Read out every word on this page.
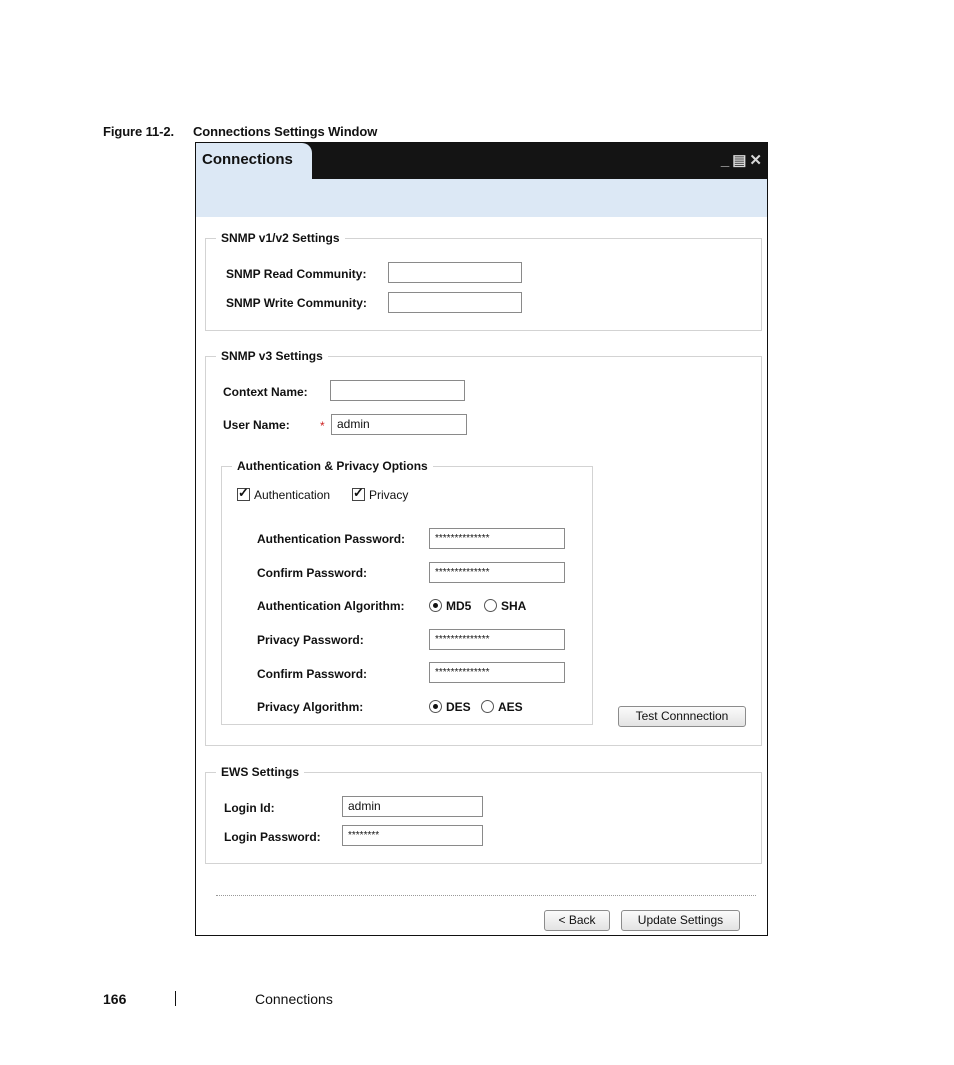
Figure 11-2. Connections Settings Window
Connections	_ ▤ ✕
SNMP v1/v2 Settings
SNMP Read Community:
SNMP Write Community:
SNMP v3 Settings
Context Name:
User Name:	*	admin
Authentication & Privacy Options
✓Authentication
✓	Privacy
Authentication Password:	**************
Confirm Password:	**************
Authentication Algorithm:	MD5	SHA
Privacy Password:	**************
Confirm Password:	**************
Privacy Algorithm:	DES	AES
Test Connnection
EWS Settings
Login Id:	admin
Login Password:	********
< Back	Update Settings
166	Connections
